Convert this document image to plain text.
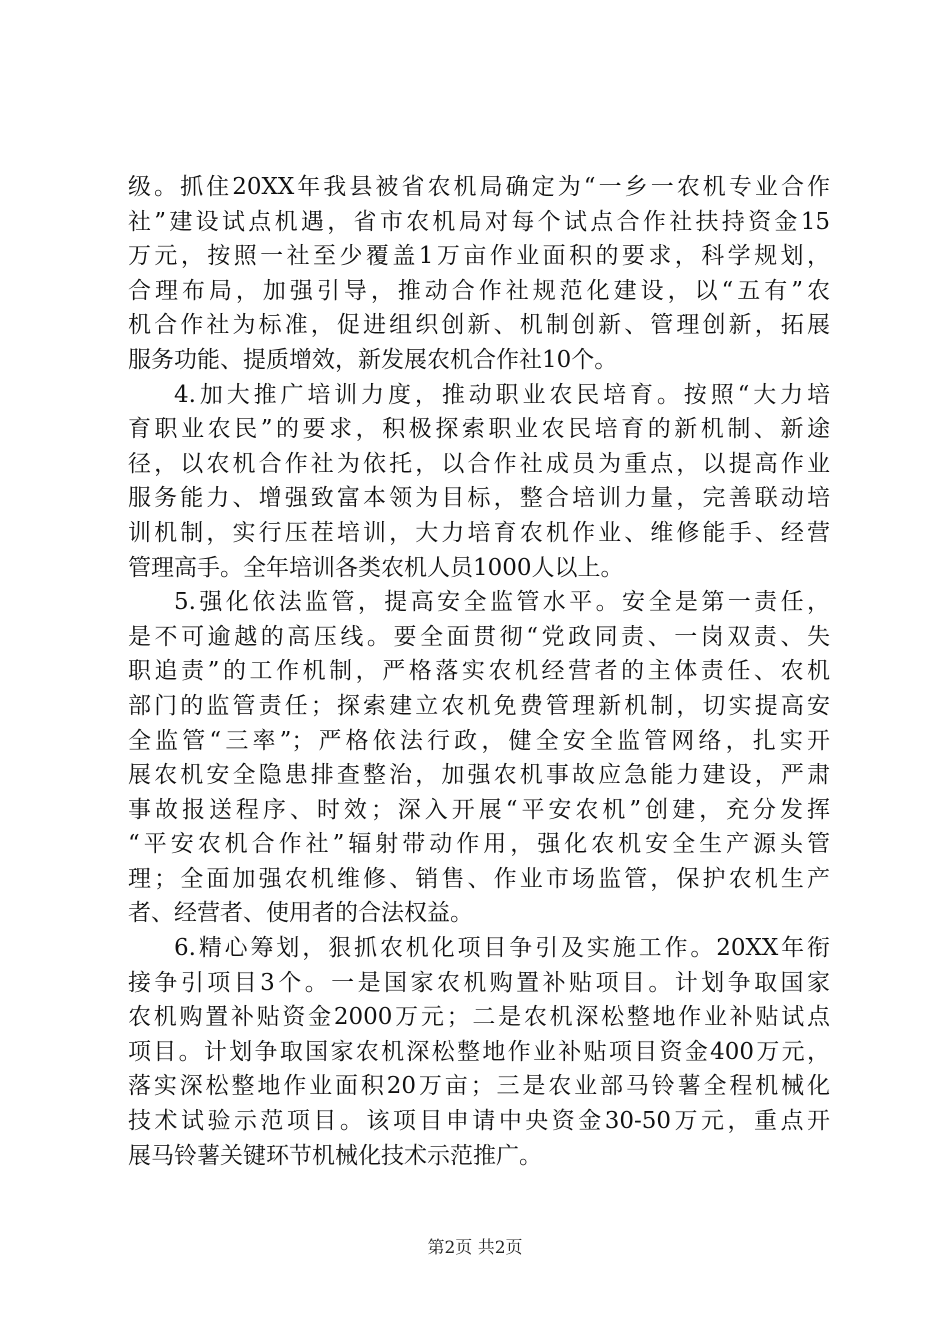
级。抓住20XX年我县被省农机局确定为“一乡一农机专业合作
社”建设试点机遇，省市农机局对每个试点合作社扶持资金15
万元，按照一社至少覆盖1万亩作业面积的要求，科学规划，
合理布局，加强引导，推动合作社规范化建设，以“五有”农
机合作社为标准，促进组织创新、机制创新、管理创新，拓展
服务功能、提质增效，新发展农机合作社10个。
4.加大推广培训力度，推动职业农民培育。按照“大力培
育职业农民”的要求，积极探索职业农民培育的新机制、新途
径，以农机合作社为依托，以合作社成员为重点，以提高作业
服务能力、增强致富本领为目标，整合培训力量，完善联动培
训机制，实行压茬培训，大力培育农机作业、维修能手、经营
管理高手。全年培训各类农机人员1000人以上。
5.强化依法监管，提高安全监管水平。安全是第一责任，
是不可逾越的高压线。要全面贯彻“党政同责、一岗双责、失
职追责”的工作机制，严格落实农机经营者的主体责任、农机
部门的监管责任；探索建立农机免费管理新机制，切实提高安
全监管“三率”；严格依法行政，健全安全监管网络，扎实开
展农机安全隐患排查整治，加强农机事故应急能力建设，严肃
事故报送程序、时效；深入开展“平安农机”创建，充分发挥
“平安农机合作社”辐射带动作用，强化农机安全生产源头管
理；全面加强农机维修、销售、作业市场监管，保护农机生产
者、经营者、使用者的合法权益。
6.精心筹划，狠抓农机化项目争引及实施工作。20XX年衔
接争引项目3个。一是国家农机购置补贴项目。计划争取国家
农机购置补贴资金2000万元；二是农机深松整地作业补贴试点
项目。计划争取国家农机深松整地作业补贴项目资金400万元，
落实深松整地作业面积20万亩；三是农业部马铃薯全程机械化
技术试验示范项目。该项目申请中央资金30-50万元，重点开
展马铃薯关键环节机械化技术示范推广。
第2页 共2页
